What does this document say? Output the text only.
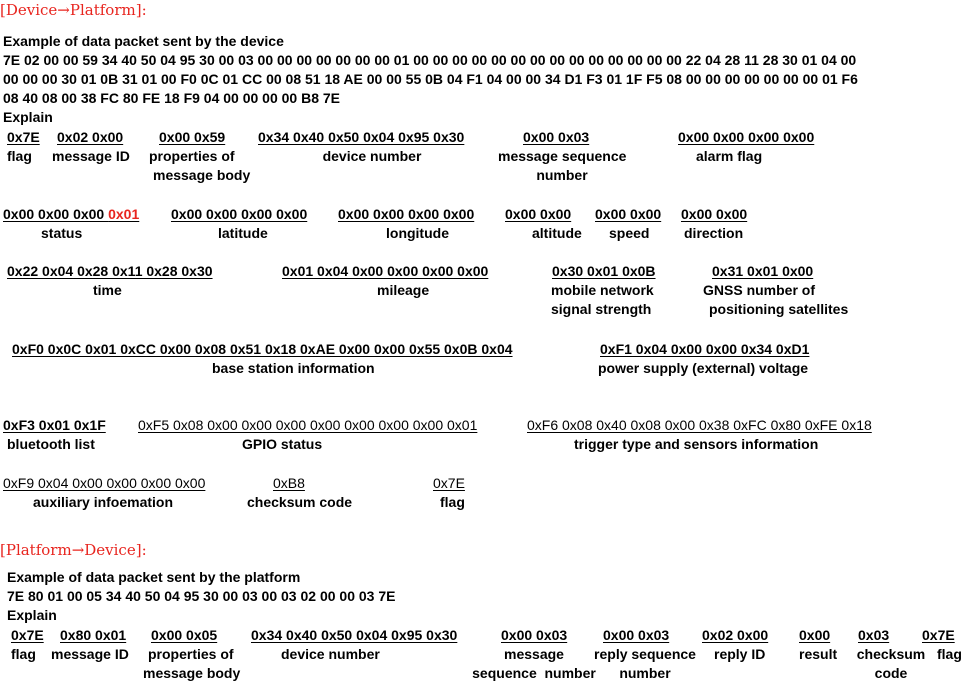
[Device→Platform]:
Example of data packet sent by the device
7E 02 00 00 59 34 40 50 04 95 30 00 03 00 00 00 00 00 00 00 01 00 00 00 00 00 00 00 00 00 00 00 00 00 00 22 04 28 11 28 30 01 04 00
00 00 00 30 01 0B 31 01 00 F0 0C 01 CC 00 08 51 18 AE 00 00 55 0B 04 F1 04 00 00 34 D1 F3 01 1F F5 08 00 00 00 00 00 00 00 01 F6
08 40 08 00 38 FC 80 FE 18 F9 04 00 00 00 00 B8 7E
Explain
0x7E
flag
0x02 0x00
message ID
0x00 0x59
properties of
message body
0x34 0x40 0x50 0x04 0x95 0x30
device number
0x00 0x03
message sequence
number
0x00 0x00 0x00 0x00
alarm flag
0x00 0x00 0x00 0x01
status
0x00 0x00 0x00 0x00
latitude
0x00 0x00 0x00 0x00
longitude
0x00 0x00
altitude
0x00 0x00
speed
0x00 0x00
direction
0x22 0x04 0x28 0x11 0x28 0x30
time
0x01 0x04 0x00 0x00 0x00 0x00
mileage
0x30 0x01 0x0B
mobile network
signal strength
0x31 0x01 0x00
GNSS number of
positioning satellites
0xF0 0x0C 0x01 0xCC 0x00 0x08 0x51 0x18 0xAE 0x00 0x00 0x55 0x0B 0x04
base station information
0xF1 0x04 0x00 0x00 0x34 0xD1
power supply (external) voltage
0xF3 0x01 0x1F
bluetooth list
0xF5 0x08 0x00 0x00 0x00 0x00 0x00 0x00 0x00 0x01
GPIO status
0xF6 0x08 0x40 0x08 0x00 0x38 0xFC 0x80 0xFE 0x18
trigger type and sensors information
0xF9 0x04 0x00 0x00 0x00 0x00
auxiliary infoemation
0xB8
checksum code
0x7E
flag
[Platform→Device]:
Example of data packet sent by the platform
7E 80 01 00 05 34 40 50 04 95 30 00 03 00 03 02 00 00 03 7E
Explain
0x7E
flag
0x80 0x01
message ID
0x00 0x05
properties of
message body
0x34 0x40 0x50 0x04 0x95 0x30
device number
0x00 0x03
message
sequence  number
0x00 0x03
reply sequence
number
0x02 0x00
reply ID
0x00
result
0x03
checksum
code
0x7E
flag
